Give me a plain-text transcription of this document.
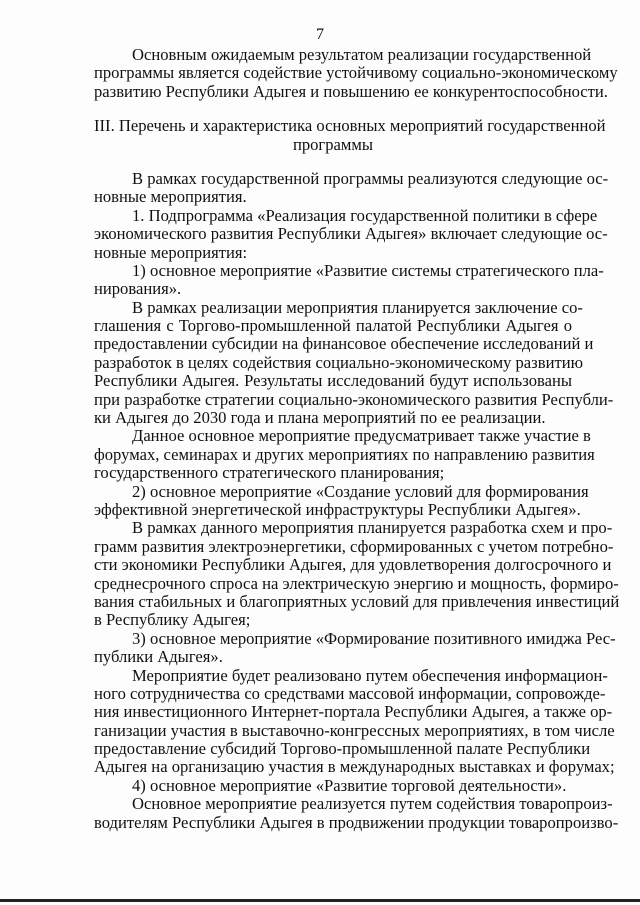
7
Основным ожидаемым результатом реализации государственной
программы является содействие устойчивому социально-экономическому
развитию Республики Адыгея и повышению ее конкурентоспособности.
III. Перечень и характеристика основных мероприятий государственной
программы
В рамках государственной программы реализуются следующие ос-
новные мероприятия.
1. Подпрограмма «Реализация государственной политики в сфере
экономического развития Республики Адыгея» включает следующие ос-
новные мероприятия:
1) основное мероприятие «Развитие системы стратегического пла-
нирования».
В рамках реализации мероприятия планируется заключение со-
глашения с Торгово-промышленной палатой Республики Адыгея о
предоставлении субсидии на финансовое обеспечение исследований и
разработок в целях содействия социально-экономическому развитию
Республики Адыгея. Результаты исследований будут использованы
при разработке стратегии социально-экономического развития Республи-
ки Адыгея до 2030 года и плана мероприятий по ее реализации.
Данное основное мероприятие предусматривает также участие в
форумах, семинарах и других мероприятиях по направлению развития
государственного стратегического планирования;
2) основное мероприятие «Создание условий для формирования
эффективной энергетической инфраструктуры Республики Адыгея».
В рамках данного мероприятия планируется разработка схем и про-
грамм развития электроэнергетики, сформированных с учетом потребно-
сти экономики Республики Адыгея, для удовлетворения долгосрочного и
среднесрочного спроса на электрическую энергию и мощность, формиро-
вания стабильных и благоприятных условий для привлечения инвестиций
в Республику Адыгея;
3) основное мероприятие «Формирование позитивного имиджа Рес-
публики Адыгея».
Мероприятие будет реализовано путем обеспечения информацион-
ного сотрудничества со средствами массовой информации, сопровожде-
ния инвестиционного Интернет-портала Республики Адыгея, а также ор-
ганизации участия в выставочно-конгрессных мероприятиях, в том числе
предоставление субсидий Торгово-промышленной палате Республики
Адыгея на организацию участия в международных выставках и форумах;
4) основное мероприятие «Развитие торговой деятельности».
Основное мероприятие реализуется путем содействия товаропроиз-
водителям Республики Адыгея в продвижении продукции товаропроизво-
